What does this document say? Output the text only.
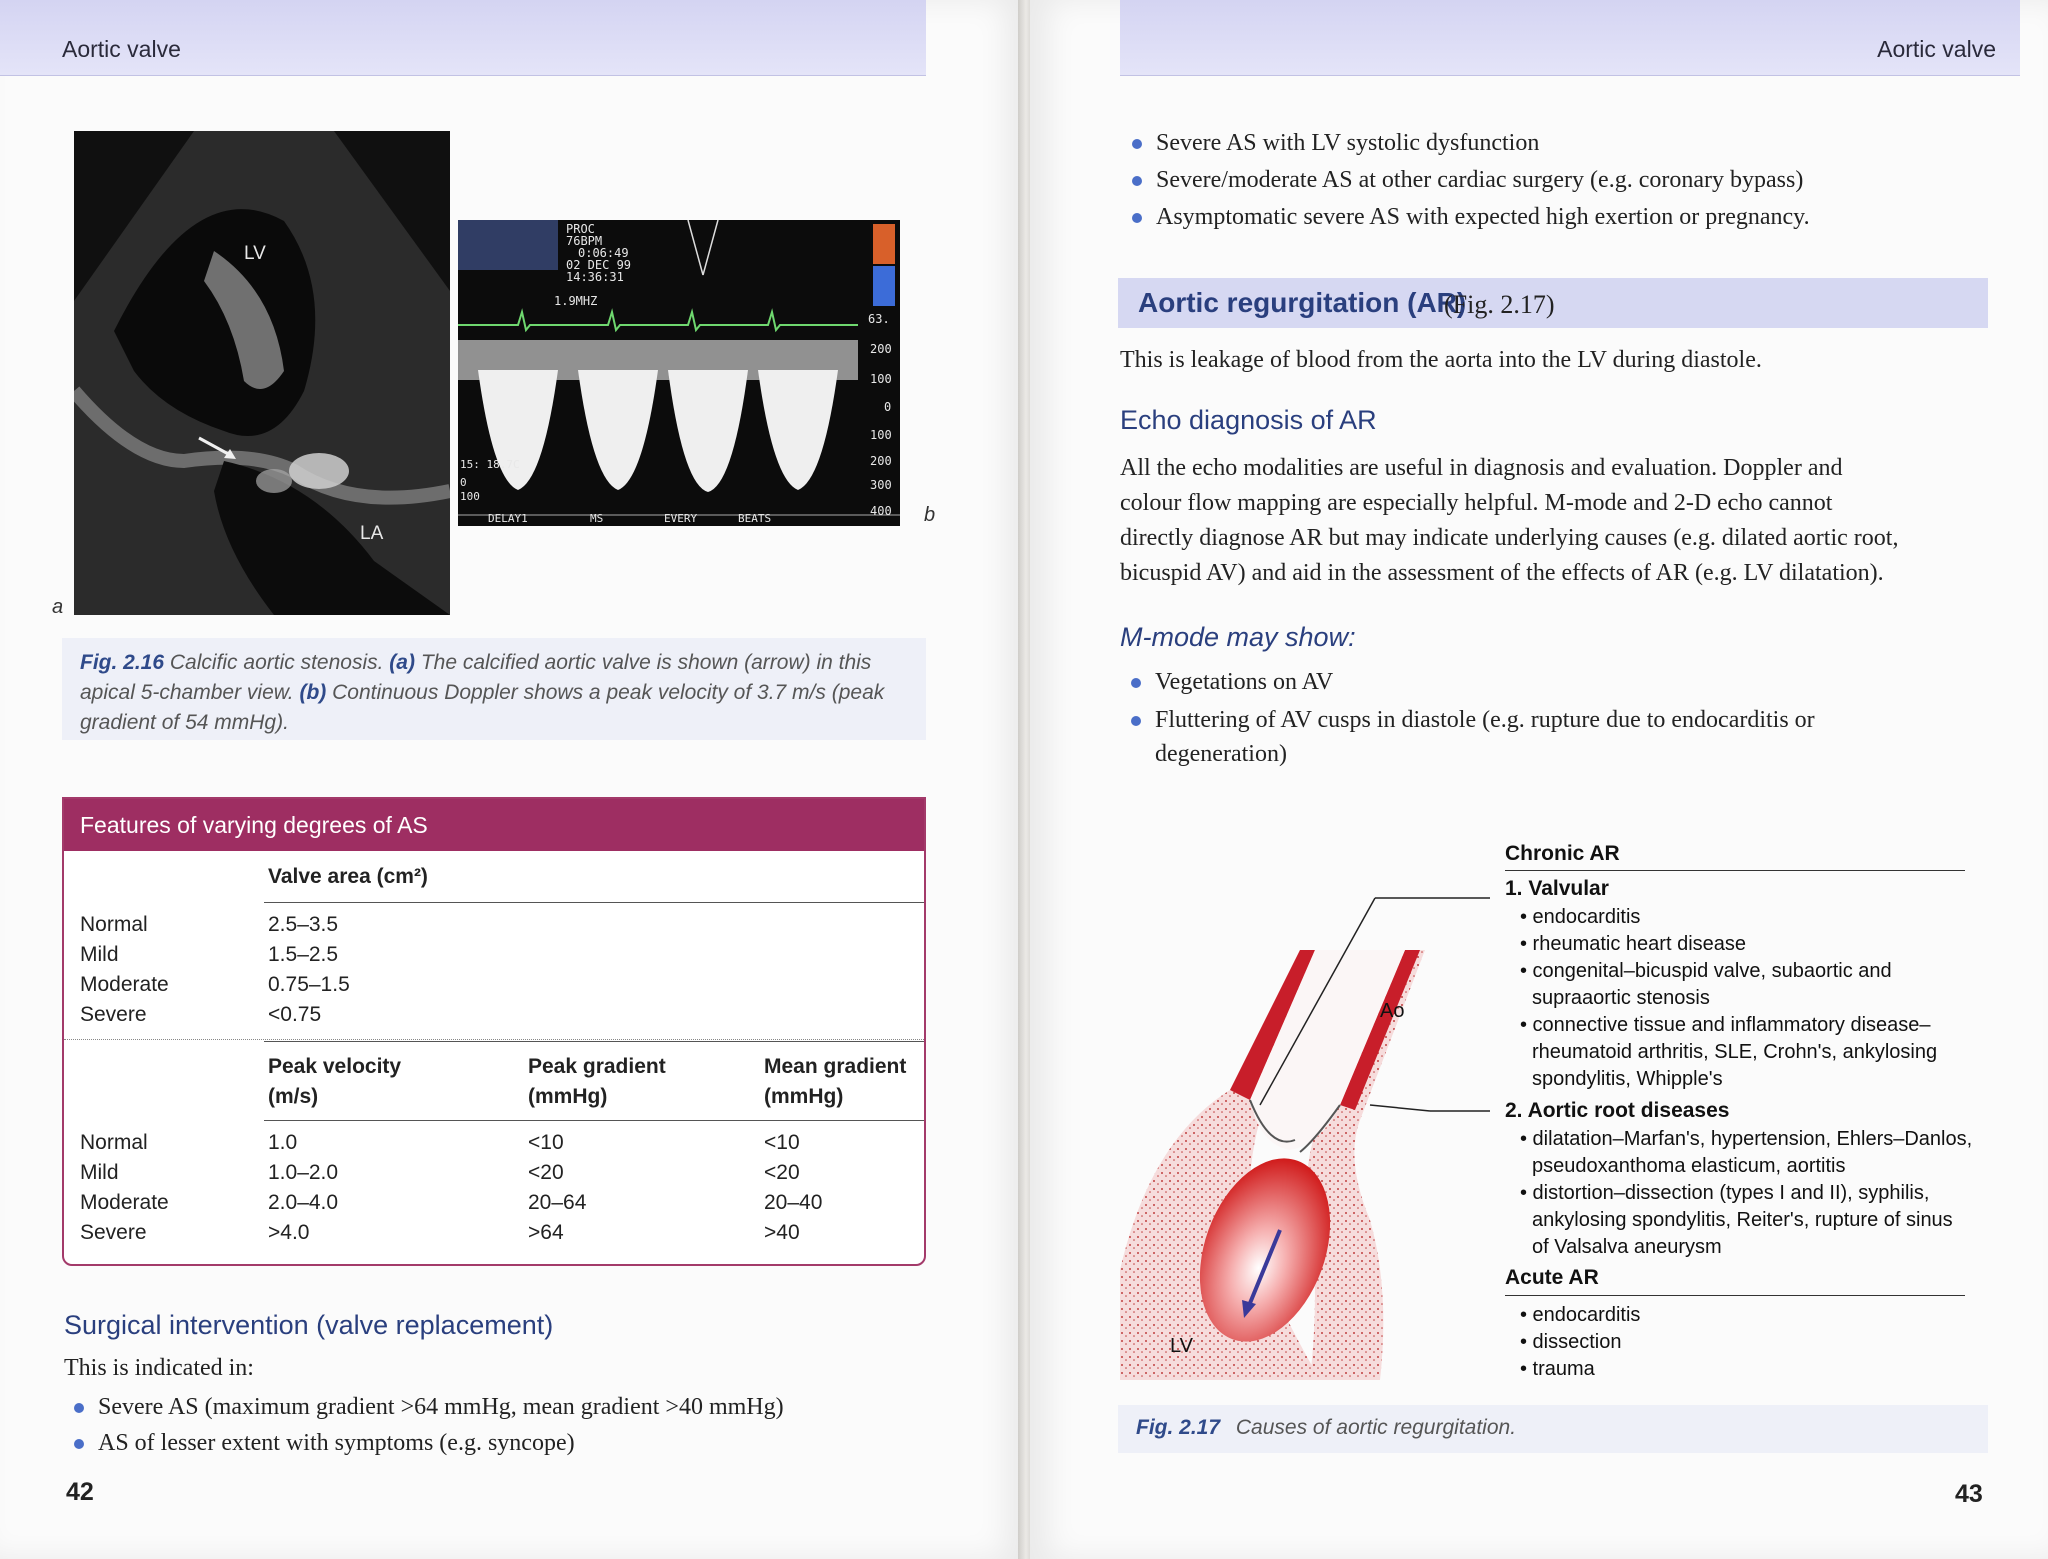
Aortic valve
LV
LA
a
PROC
76BPM
0:06:49
02 DEC 99
14:36:31
1.9MHZ
DELAY1	MS	EVERY	BEATS
63.
200
100
0
100
200
300
400
15: 18.7C
0
100
b
Fig. 2.16 Calcific aortic stenosis. (a) The calcified aortic valve is shown (arrow) in this apical 5-chamber view. (b) Continuous Doppler shows a peak velocity of 3.7 m/s (peak gradient of 54 mmHg).
Features of varying degrees of AS
Valve area (cm²)
Normal	2.5–3.5
Mild	1.5–2.5
Moderate	0.75–1.5
Severe	<0.75
Peak velocity
(m/s)
Peak gradient
(mmHg)
Mean gradient
(mmHg)
Normal	1.0	<10	<10
Mild	1.0–2.0	<20	<20
Moderate	2.0–4.0	20–64	20–40
Severe	>4.0	>64	>40
Surgical intervention (valve replacement)
This is indicated in:
Severe AS (maximum gradient >64 mmHg, mean gradient >40 mmHg)
AS of lesser extent with symptoms (e.g. syncope)
42
Aortic valve
Severe AS with LV systolic dysfunction
Severe/moderate AS at other cardiac surgery (e.g. coronary bypass)
Asymptomatic severe AS with expected high exertion or pregnancy.
Aortic regurgitation (AR)
(Fig. 2.17)
This is leakage of blood from the aorta into the LV during diastole.
Echo diagnosis of AR
All the echo modalities are useful in diagnosis and evaluation. Doppler and
colour flow mapping are especially helpful. M-mode and 2-D echo cannot
directly diagnose AR but may indicate underlying causes (e.g. dilated aortic root,
bicuspid AV) and aid in the assessment of the effects of AR (e.g. LV dilatation).
M-mode may show:
Vegetations on AV
Fluttering of AV cusps in diastole (e.g. rupture due to endocarditis or
degeneration)
Ao
LV
Chronic AR
1. Valvular
• endocarditis
• rheumatic heart disease
• congenital–bicuspid valve, subaortic and
supraaortic stenosis
• connective tissue and inflammatory disease–
rheumatoid arthritis, SLE, Crohn's, ankylosing
spondylitis, Whipple's
2. Aortic root diseases
• dilatation–Marfan's, hypertension, Ehlers–Danlos,
pseudoxanthoma elasticum, aortitis
• distortion–dissection (types I and II), syphilis,
ankylosing spondylitis, Reiter's, rupture of sinus
of Valsalva aneurysm
Acute AR
• endocarditis
• dissection
• trauma
Fig. 2.17 Causes of aortic regurgitation.
43
